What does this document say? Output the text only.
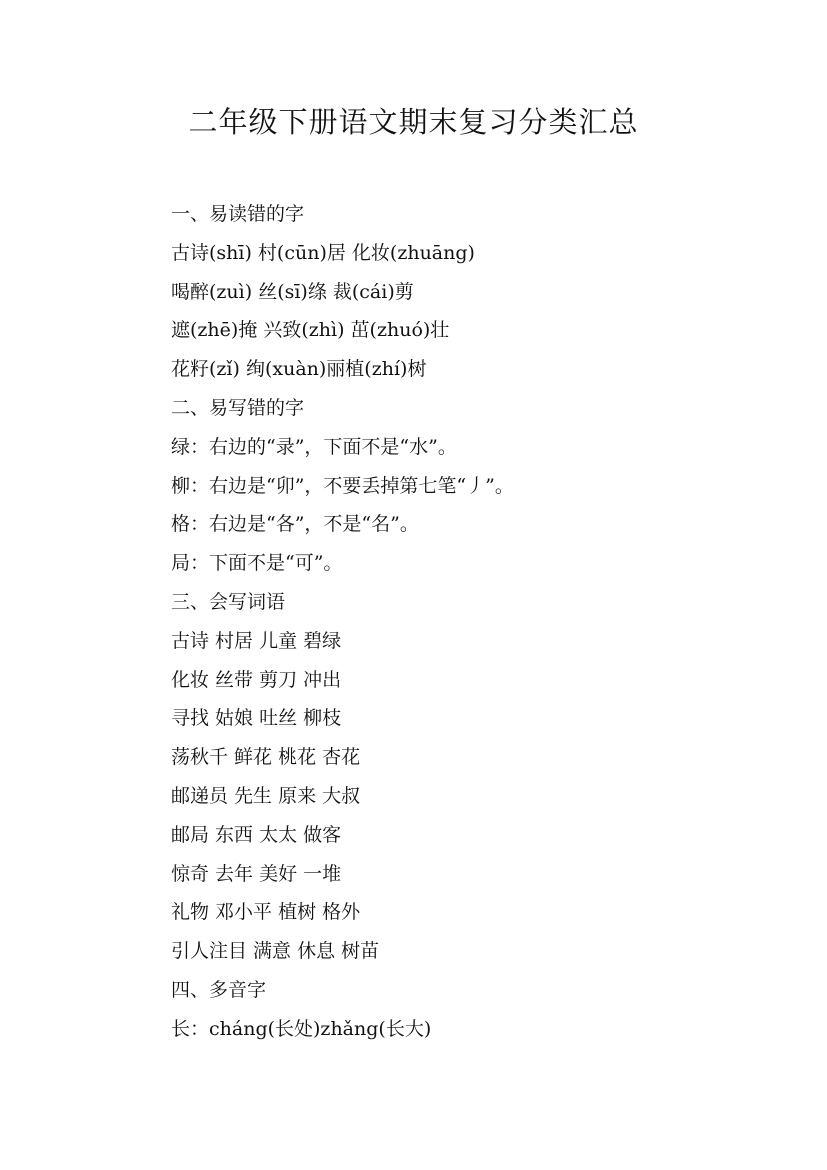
二年级下册语文期末复习分类汇总

一、易读错的字

古诗(shī) 村(cūn)居 化妆(zhuāng)

喝醉(zuì) 丝(sī)绦 裁(cái)剪

遮(zhē)掩 兴致(zhì) 茁(zhuó)壮

花籽(zǐ) 绚(xuàn)丽植(zhí)树

二、易写错的字

绿：右边的“录”，下面不是“水”。

柳：右边是“卯”，不要丢掉第七笔“丿”。

格：右边是“各”，不是“名”。

局：下面不是“可”。

三、会写词语

古诗 村居 儿童 碧绿

化妆 丝带 剪刀 冲出

寻找 姑娘 吐丝 柳枝

荡秋千 鲜花 桃花 杏花

邮递员 先生 原来 大叔

邮局 东西 太太 做客

惊奇 去年 美好 一堆

礼物 邓小平 植树 格外

引人注目 满意 休息 树苗

四、多音字

长：cháng(长处)zhǎng(长大)
